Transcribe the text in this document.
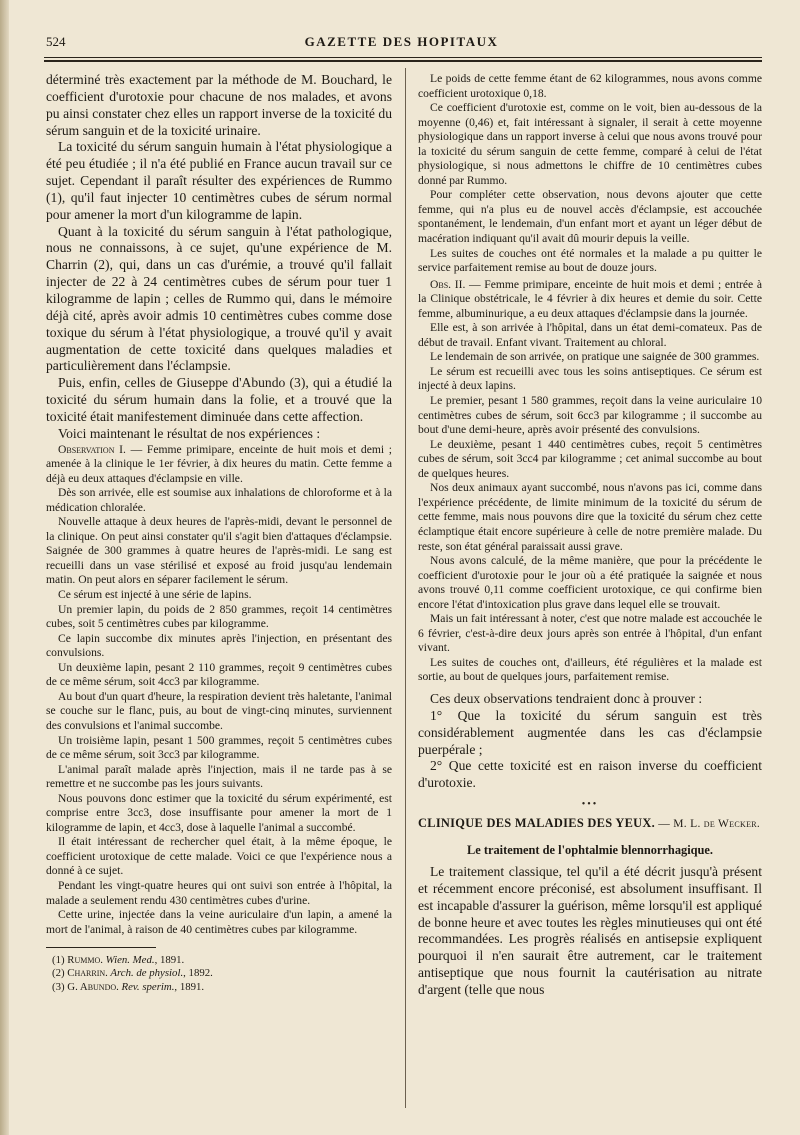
524	GAZETTE DES HOPITAUX

déterminé très exactement par la méthode de M. Bouchard, le coefficient d'urotoxie pour chacune de nos malades, et avons pu ainsi constater chez elles un rapport inverse de la toxicité du sérum sanguin et de la toxicité urinaire.

La toxicité du sérum sanguin humain à l'état physiologique a été peu étudiée ; il n'a été publié en France aucun travail sur ce sujet. Cependant il paraît résulter des expériences de Rummo (1), qu'il faut injecter 10 centimètres cubes de sérum normal pour amener la mort d'un kilogramme de lapin.

Quant à la toxicité du sérum sanguin à l'état pathologique, nous ne connaissons, à ce sujet, qu'une expérience de M. Charrin (2), qui, dans un cas d'urémie, a trouvé qu'il fallait injecter de 22 à 24 centimètres cubes de sérum pour tuer 1 kilogramme de lapin ; celles de Rummo qui, dans le mémoire déjà cité, après avoir admis 10 centimètres cubes comme dose toxique du sérum à l'état physiologique, a trouvé qu'il y avait augmentation de cette toxicité dans quelques maladies et particulièrement dans l'éclampsie.

Puis, enfin, celles de Giuseppe d'Abundo (3), qui a étudié la toxicité du sérum humain dans la folie, et a trouvé que la toxicité était manifestement diminuée dans cette affection.

Voici maintenant le résultat de nos expériences :

Observation I. — Femme primipare, enceinte de huit mois et demi ; amenée à la clinique le 1er février, à dix heures du matin. Cette femme a déjà eu deux attaques d'éclampsie en ville.

Dès son arrivée, elle est soumise aux inhalations de chloroforme et à la médication chloralée.

Nouvelle attaque à deux heures de l'après-midi, devant le personnel de la clinique. On peut ainsi constater qu'il s'agit bien d'attaques d'éclampsie. Saignée de 300 grammes à quatre heures de l'après-midi. Le sang est recueilli dans un vase stérilisé et exposé au froid jusqu'au lendemain matin. On peut alors en séparer facilement le sérum.

Ce sérum est injecté à une série de lapins.

Un premier lapin, du poids de 2 850 grammes, reçoit 14 centimètres cubes, soit 5 centimètres cubes par kilogramme.

Ce lapin succombe dix minutes après l'injection, en présentant des convulsions.

Un deuxième lapin, pesant 2 110 grammes, reçoit 9 centimètres cubes de ce même sérum, soit 4cc3 par kilogramme.

Au bout d'un quart d'heure, la respiration devient très haletante, l'animal se couche sur le flanc, puis, au bout de vingt-cinq minutes, surviennent des convulsions et l'animal succombe.

Un troisième lapin, pesant 1 500 grammes, reçoit 5 centimètres cubes de ce même sérum, soit 3cc3 par kilogramme.

L'animal paraît malade après l'injection, mais il ne tarde pas à se remettre et ne succombe pas les jours suivants.

Nous pouvons donc estimer que la toxicité du sérum expérimenté, est comprise entre 3cc3, dose insuffisante pour amener la mort de 1 kilogramme de lapin, et 4cc3, dose à laquelle l'animal a succombé.

Il était intéressant de rechercher quel était, à la même époque, le coefficient urotoxique de cette malade. Voici ce que l'expérience nous a donné à ce sujet.

Pendant les vingt-quatre heures qui ont suivi son entrée à l'hôpital, la malade a seulement rendu 430 centimètres cubes d'urine.

Cette urine, injectée dans la veine auriculaire d'un lapin, a amené la mort de l'animal, à raison de 40 centimètres cubes par kilogramme.

(1) Rummo. Wien. Med., 1891.

(2) Charrin. Arch. de physiol., 1892.

(3) G. Abundo. Rev. sperim., 1891.

Le poids de cette femme étant de 62 kilogrammes, nous avons comme coefficient urotoxique 0,18.

Ce coefficient d'urotoxie est, comme on le voit, bien au-dessous de la moyenne (0,46) et, fait intéressant à signaler, il serait à cette moyenne physiologique dans un rapport inverse à celui que nous avons trouvé pour la toxicité du sérum sanguin de cette femme, comparé à celui de l'état physiologique, si nous admettons le chiffre de 10 centimètres cubes donné par Rummo.

Pour compléter cette observation, nous devons ajouter que cette femme, qui n'a plus eu de nouvel accès d'éclampsie, est accouchée spontanément, le lendemain, d'un enfant mort et ayant un léger début de macération indiquant qu'il avait dû mourir depuis la veille.

Les suites de couches ont été normales et la malade a pu quitter le service parfaitement remise au bout de douze jours.

Obs. II. — Femme primipare, enceinte de huit mois et demi ; entrée à la Clinique obstétricale, le 4 février à dix heures et demie du soir. Cette femme, albuminurique, a eu deux attaques d'éclampsie dans la journée.

Elle est, à son arrivée à l'hôpital, dans un état demi-comateux. Pas de début de travail. Enfant vivant. Traitement au chloral.

Le lendemain de son arrivée, on pratique une saignée de 300 grammes.

Le sérum est recueilli avec tous les soins antiseptiques. Ce sérum est injecté à deux lapins.

Le premier, pesant 1 580 grammes, reçoit dans la veine auriculaire 10 centimètres cubes de sérum, soit 6cc3 par kilogramme ; il succombe au bout d'une demi-heure, après avoir présenté des convulsions.

Le deuxième, pesant 1 440 centimètres cubes, reçoit 5 centimètres cubes de sérum, soit 3cc4 par kilogramme ; cet animal succombe au bout de quelques heures.

Nos deux animaux ayant succombé, nous n'avons pas ici, comme dans l'expérience précédente, de limite minimum de la toxicité du sérum de cette femme, mais nous pouvons dire que la toxicité du sérum chez cette éclamptique était encore supérieure à celle de notre première malade. Du reste, son état général paraissait aussi grave.

Nous avons calculé, de la même manière, que pour la précédente le coefficient d'urotoxie pour le jour où a été pratiquée la saignée et nous avons trouvé 0,11 comme coefficient urotoxique, ce qui confirme bien encore l'état d'intoxication plus grave dans lequel elle se trouvait.

Mais un fait intéressant à noter, c'est que notre malade est accouchée le 6 février, c'est-à-dire deux jours après son entrée à l'hôpital, d'un enfant vivant.

Les suites de couches ont, d'ailleurs, été régulières et la malade est sortie, au bout de quelques jours, parfaitement remise.

Ces deux observations tendraient donc à prouver :

1° Que la toxicité du sérum sanguin est très considérablement augmentée dans les cas d'éclampsie puerpérale ;

2° Que cette toxicité est en raison inverse du coefficient d'urotoxie.

•••
CLINIQUE DES MALADIES DES YEUX. — M. L. de Wecker.
Le traitement de l'ophtalmie blennorrhagique.

Le traitement classique, tel qu'il a été décrit jusqu'à présent et récemment encore préconisé, est absolument insuffisant. Il est incapable d'assurer la guérison, même lorsqu'il est appliqué de bonne heure et avec toutes les règles minutieuses qui ont été recommandées. Les progrès réalisés en antisepsie expliquent pourquoi il n'en saurait être autrement, car le traitement antiseptique que nous fournit la cautérisation au nitrate d'argent (telle que nous
